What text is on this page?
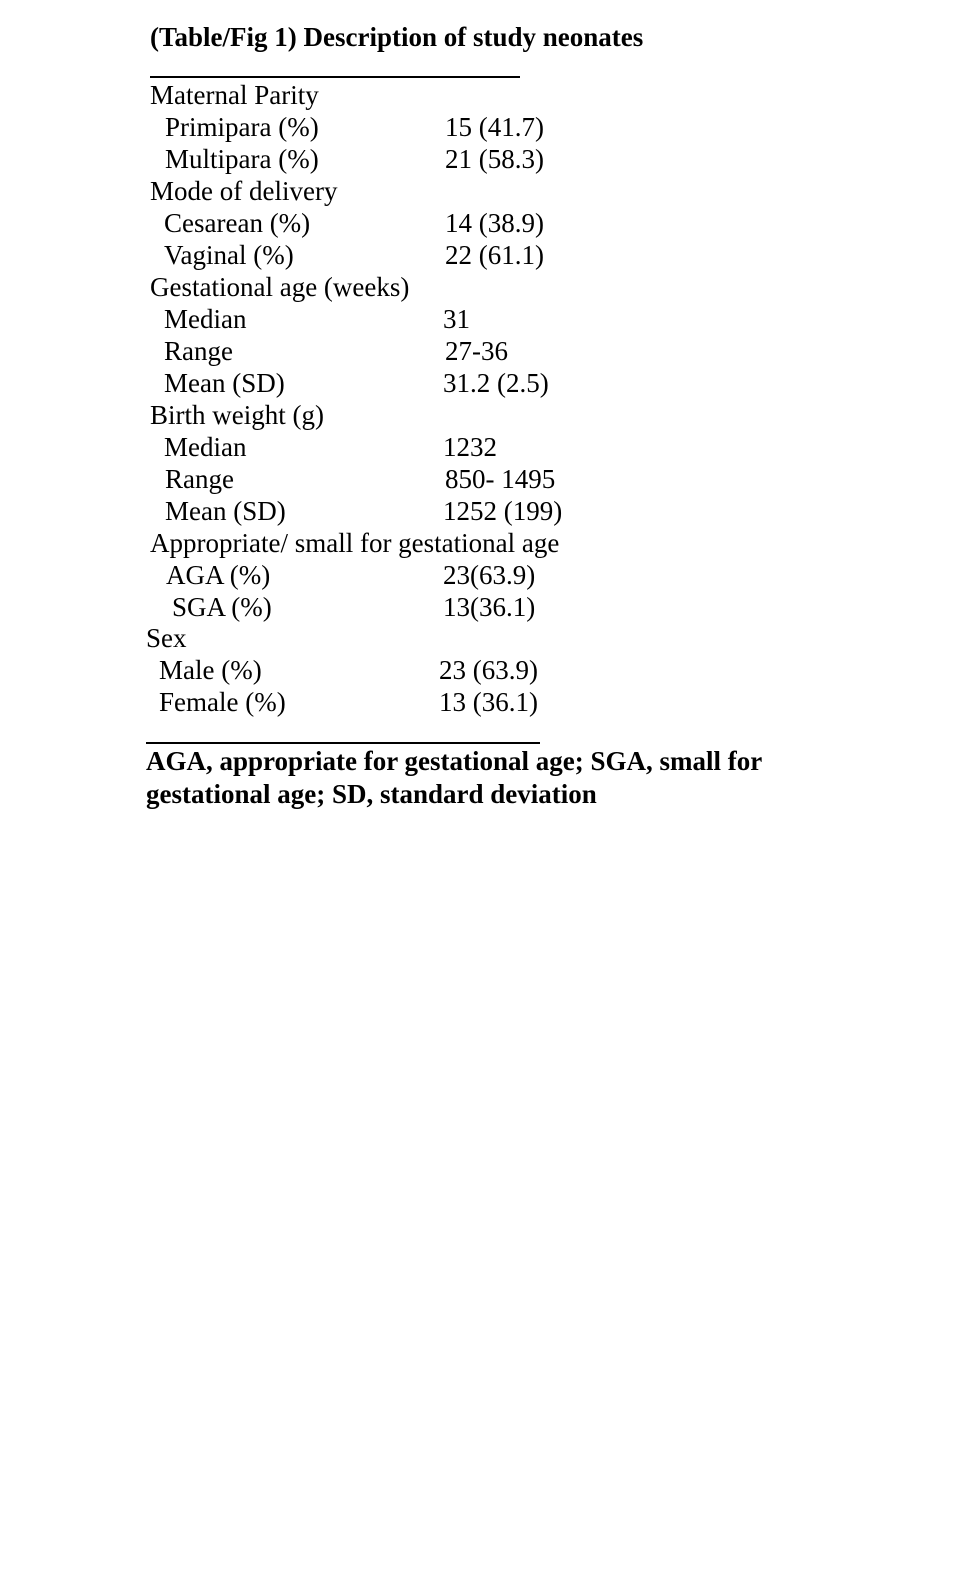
(Table/Fig 1) Description of study neonates
Maternal Parity
Primipara (%)	15 (41.7)
Multipara (%)	21 (58.3)
Mode of delivery
Cesarean (%)	14 (38.9)
Vaginal (%)	22 (61.1)
Gestational age (weeks)
Median	31
Range	27-36
Mean (SD)	31.2 (2.5)
Birth weight (g)
Median	1232
Range	850- 1495
Mean (SD)	1252 (199)
Appropriate/ small for gestational age
AGA (%)	23(63.9)
SGA (%)	13(36.1)
Sex
Male (%)	23 (63.9)
Female (%)	13 (36.1)
AGA, appropriate for gestational age; SGA, small for gestational age; SD, standard deviation
